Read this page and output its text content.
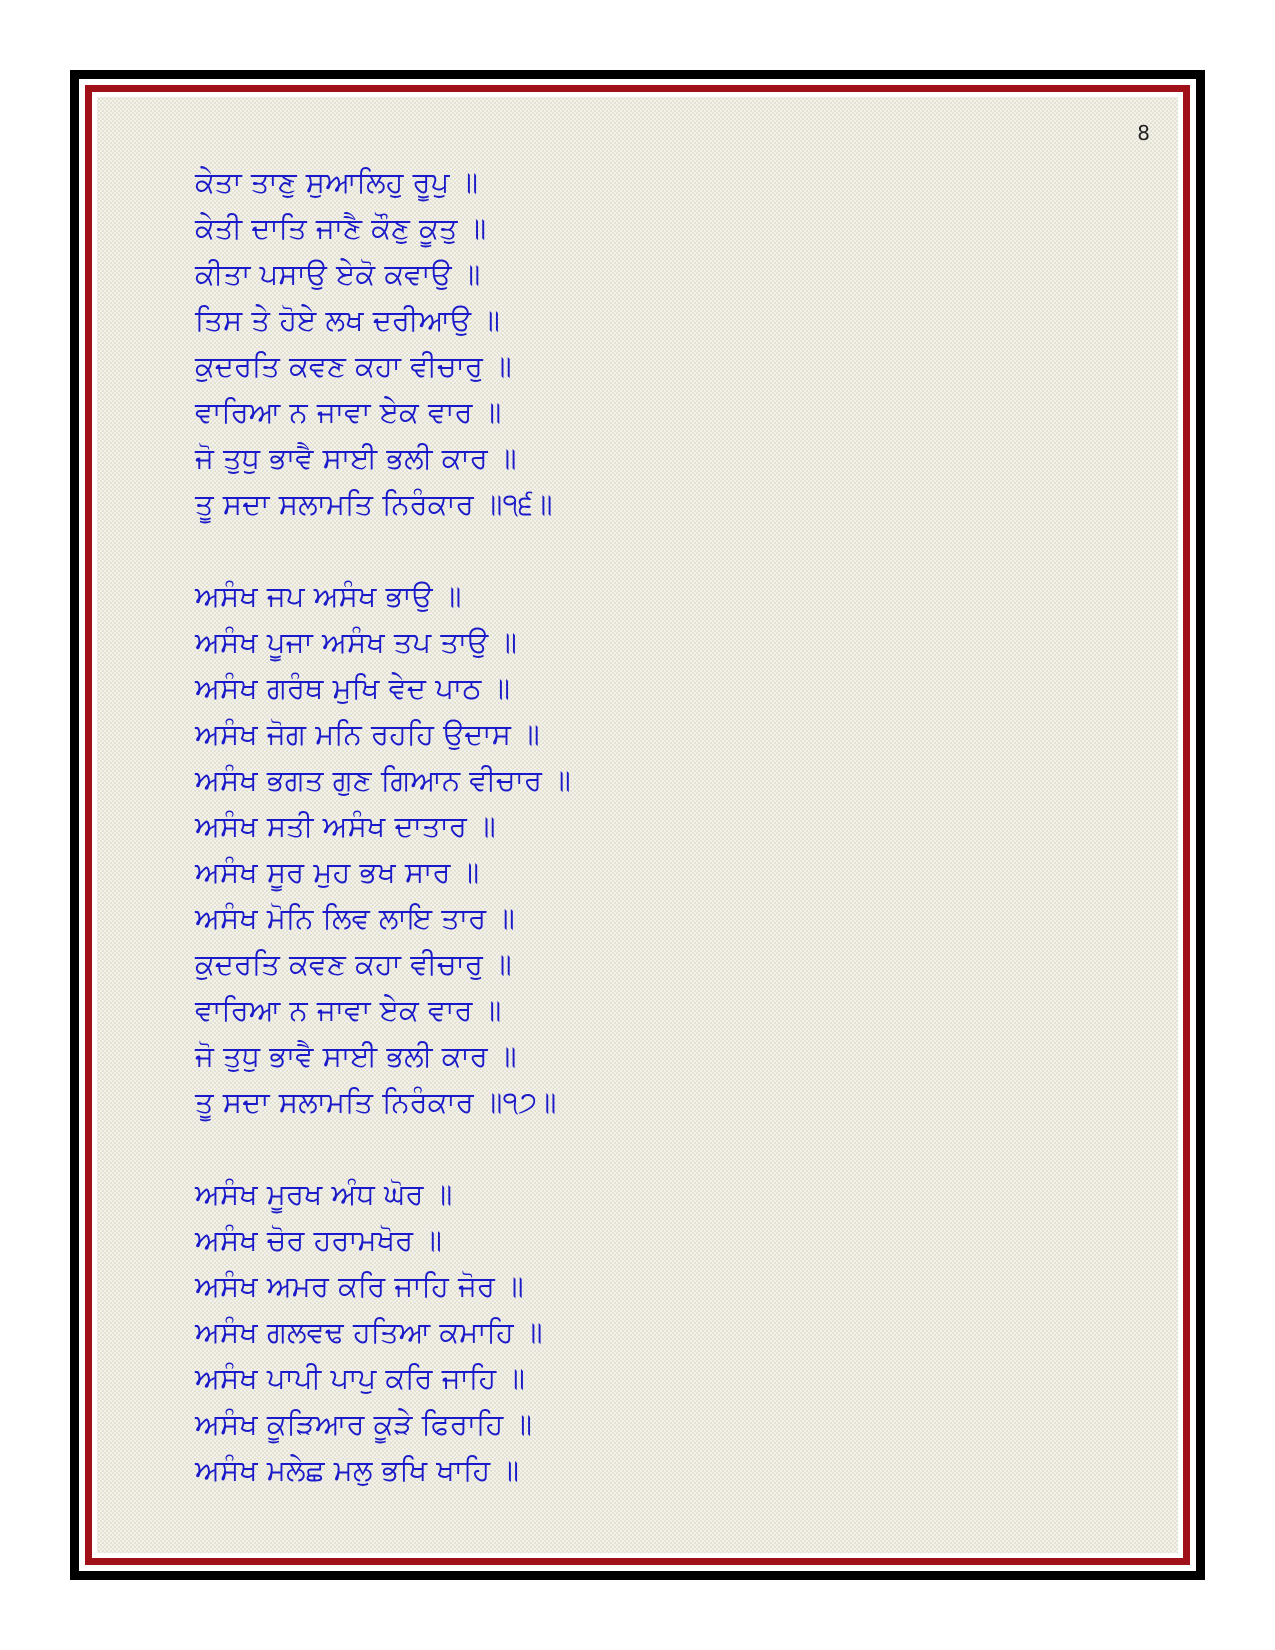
8
ਕੇਤਾ ਤਾਣੁ ਸੁਆਲਿਹੁ ਰੂਪੁ ॥
ਕੇਤੀ ਦਾਤਿ ਜਾਣੈ ਕੌਣੁ ਕੂਤੁ ॥
ਕੀਤਾ ਪਸਾਉ ਏਕੋ ਕਵਾਉ ॥
ਤਿਸ ਤੇ ਹੋਏ ਲਖ ਦਰੀਆਉ ॥
ਕੁਦਰਤਿ ਕਵਣ ਕਹਾ ਵੀਚਾਰੁ ॥
ਵਾਰਿਆ ਨ ਜਾਵਾ ਏਕ ਵਾਰ ॥
ਜੋ ਤੁਧੁ ਭਾਵੈ ਸਾਈ ਭਲੀ ਕਾਰ ॥
ਤੂ ਸਦਾ ਸਲਾਮਤਿ ਨਿਰੰਕਾਰ ॥੧੬॥
ਅਸੰਖ ਜਪ ਅਸੰਖ ਭਾਉ ॥
ਅਸੰਖ ਪੂਜਾ ਅਸੰਖ ਤਪ ਤਾਉ ॥
ਅਸੰਖ ਗਰੰਥ ਮੁਖਿ ਵੇਦ ਪਾਠ ॥
ਅਸੰਖ ਜੋਗ ਮਨਿ ਰਹਹਿ ਉਦਾਸ ॥
ਅਸੰਖ ਭਗਤ ਗੁਣ ਗਿਆਨ ਵੀਚਾਰ ॥
ਅਸੰਖ ਸਤੀ ਅਸੰਖ ਦਾਤਾਰ ॥
ਅਸੰਖ ਸੂਰ ਮੁਹ ਭਖ ਸਾਰ ॥
ਅਸੰਖ ਮੋਨਿ ਲਿਵ ਲਾਇ ਤਾਰ ॥
ਕੁਦਰਤਿ ਕਵਣ ਕਹਾ ਵੀਚਾਰੁ ॥
ਵਾਰਿਆ ਨ ਜਾਵਾ ਏਕ ਵਾਰ ॥
ਜੋ ਤੁਧੁ ਭਾਵੈ ਸਾਈ ਭਲੀ ਕਾਰ ॥
ਤੂ ਸਦਾ ਸਲਾਮਤਿ ਨਿਰੰਕਾਰ ॥੧੭॥
ਅਸੰਖ ਮੂਰਖ ਅੰਧ ਘੋਰ ॥
ਅਸੰਖ ਚੋਰ ਹਰਾਮਖੋਰ ॥
ਅਸੰਖ ਅਮਰ ਕਰਿ ਜਾਹਿ ਜੋਰ ॥
ਅਸੰਖ ਗਲਵਢ ਹਤਿਆ ਕਮਾਹਿ ॥
ਅਸੰਖ ਪਾਪੀ ਪਾਪੁ ਕਰਿ ਜਾਹਿ ॥
ਅਸੰਖ ਕੂੜਿਆਰ ਕੂੜੇ ਫਿਰਾਹਿ ॥
ਅਸੰਖ ਮਲੇਛ ਮਲੁ ਭਖਿ ਖਾਹਿ ॥
